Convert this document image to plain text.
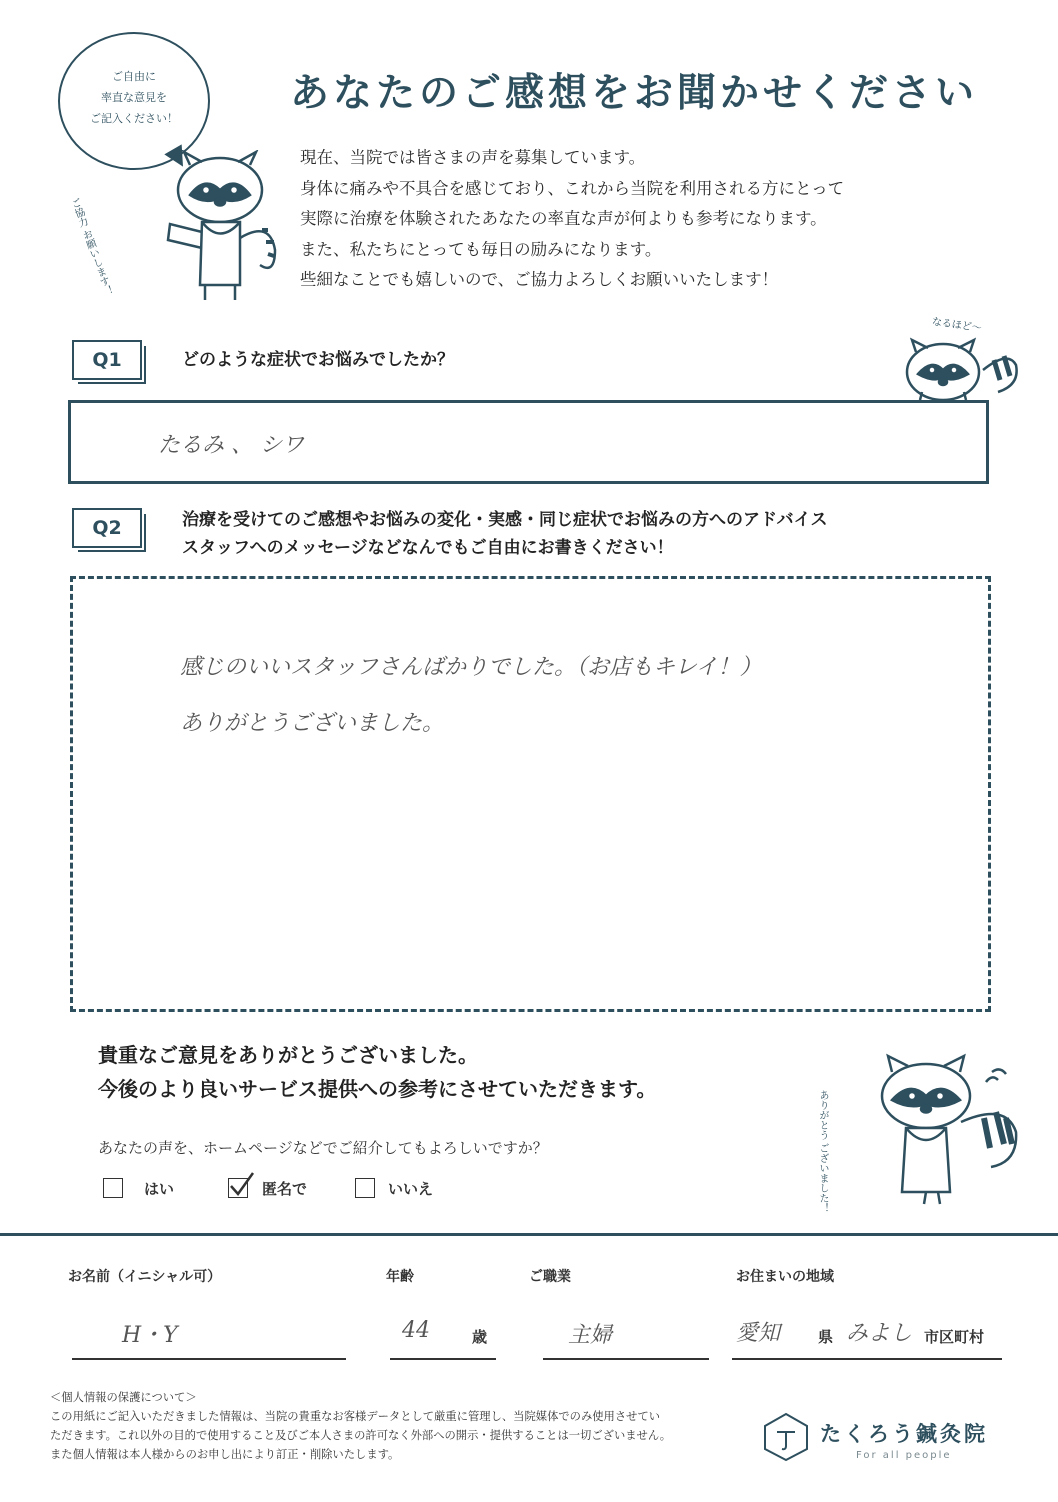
ご自由に
率直な意見を
ご記入ください！
ご協力 お願いします！
あなたのご感想をお聞かせください
現在、当院では皆さまの声を募集しています。
身体に痛みや不具合を感じており、これから当院を利用される方にとって
実際に治療を体験されたあなたの率直な声が何よりも参考になります。
また、私たちにとっても毎日の励みになります。
些細なことでも嬉しいので、ご協力よろしくお願いいたします！
Q1	どのような症状でお悩みでしたか？
なるほど〜
たるみ 、 シワ
Q2	治療を受けてのご感想やお悩みの変化・実感・同じ症状でお悩みの方へのアドバイス
スタッフへのメッセージなどなんでもご自由にお書きください！
感じのいいスタッフさんばかりでした。（お店もキレイ！）
ありがとうございました。
貴重なご意見をありがとうございました。
今後のより良いサービス提供への参考にさせていただきます。
あなたの声を、ホームページなどでご紹介してもよろしいですか？
はい	匿名で	いいえ
ありがとう ございました！
お名前（イニシャル可）
H・Y
年齢
44	歳
ご職業
主婦
お住まいの地域
愛知	県 みよし 市区町村
＜個人情報の保護について＞
この用紙にご記入いただきました情報は、当院の貴重なお客様データとして厳重に管理し、当院媒体でのみ使用させてい
ただきます。これ以外の目的で使用すること及びご本人さまの許可なく外部への開示・提供することは一切ございません。
また個人情報は本人様からのお申し出により訂正・削除いたします。
たくろう鍼灸院
For all people
